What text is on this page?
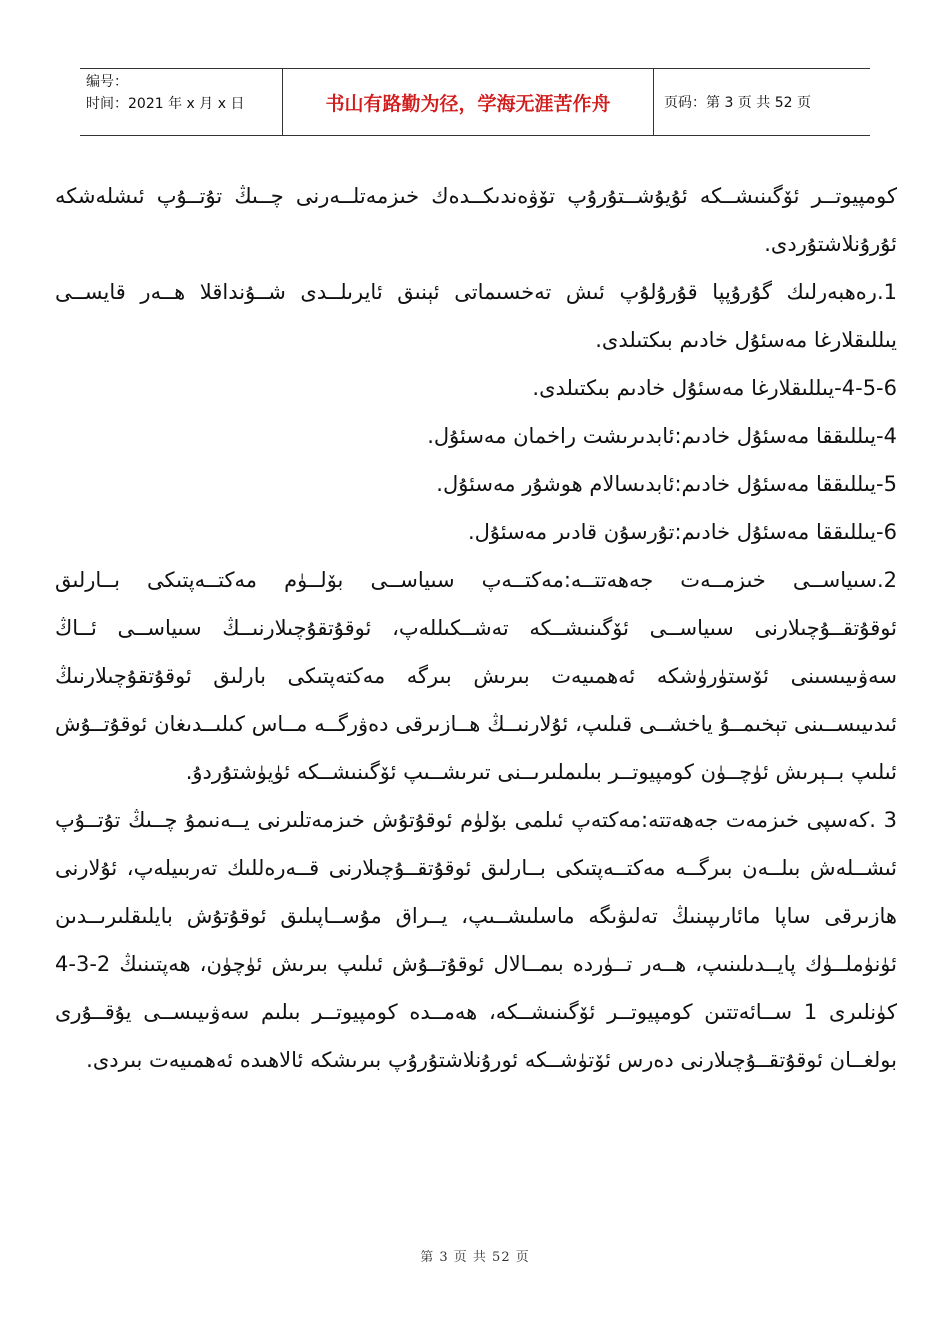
编号：
时间：2021 年 x 月 x 日	书山有路勤为径，学海无涯苦作舟	页码：第 3 页 共 52 页

كومپيوتــر ئۆگىنىشــكە ئۇيۇشــتۇرۇپ تۆۋەندىكــدەك خىزمەتلــەرنى چــىڭ تۇتــۇپ ئىشلەشكە ئۇرۇنلاشتۇردى.

1.رەھبەرلىك گۇرۇپپا قۇرۇلۇپ ئىش تەخسىماتى ئېنىق ئايرىلــدى شــۇنداقلا ھــەر قايســى يىللىقلارغا مەسئۇل خادىم بىكتىلدى.

4-5-6-يىللىقلارغا مەسئۇل خادىم بىكتىلدى.

4-يىللىققا مەسئۇل خادىم:ئابدىرىشت راخمان مەسئۇل.

5-يىللىققا مەسئۇل خادىم:ئابدىسالام ھوشۇر مەسئۇل.

6-يىللىققا مەسئۇل خادىم:تۇرسۇن قادىر مەسئۇل.

2.سىياســى خىزمــەت جەھەتتــە:مەكتــەپ سىياســى بۆلــۈم مەكتــەپتىكى بــارلىق ئوقۇتقــۇچىلارنى سىياســى ئۆگىنىشــكە تەشــكىللەپ، ئوقۇتقۇچىلارنىــڭ سىياســى ئــاڭ سەۋىيىسىنى ئۆستۈرۈشكە ئەھمىيەت بىرىش بىرگە مەكتەپتىكى بارلىق ئوقۇتقۇچىلارنىڭ ئىدىيىســىنى تېخىمــۇ ياخشــى قىلىپ، ئۇلارنىــڭ ھــازىرقى دەۋرگــە مــاس كىلىــدىغان ئوقۇتــۇش ئىلىپ بــېرىش ئۈچــۈن كومپيوتــر بىلىملىرىــنى تىرىشــىپ ئۆگىنىشــكە ئۈيۈشتۇردۇ.

3 .كەسپى خىزمەت جەھەتتە:مەكتەپ ئىلمى بۆلۈم ئوقۇتۇش خىزمەتلىرنى يــەنىمۇ چــىڭ تۇتــۇپ ئىشــلەش بىلــەن بىرگــە مەكتــەپتىكى بــارلىق ئوقۇتقــۇچىلارنى قــەرەللىك تەربىيلەپ، ئۇلارنى ھازىرقى ساپا مائارىپىنىڭ تەلىۋىگە ماسلىشــىپ، يــراق مۇســاپىلىق ئوقۇتۇش بايلىقلىرىــدىن ئۈنۈملــۈك پايــدىلىنىپ، ھــەر تــۈردە بىمــالال ئوقۇتــۇش ئىلىپ بىرىش ئۈچۈن، ھەپتىنىڭ 2-3-4 كۈنلىرى 1 ســائەتتىن كومپيوتــر ئۆگىنىشــكە، ھەمــدە كومپيوتــر بىلىم سەۋىيىســى يۇقــۇرى بولغــان ئوقۇتقــۇچىلارنى دەرس ئۆتۈشــكە ئورۇنلاشتۇرۇپ بىرىشكە ئالاھىدە ئەھمىيەت بىردى.

第 3 页 共 52 页
